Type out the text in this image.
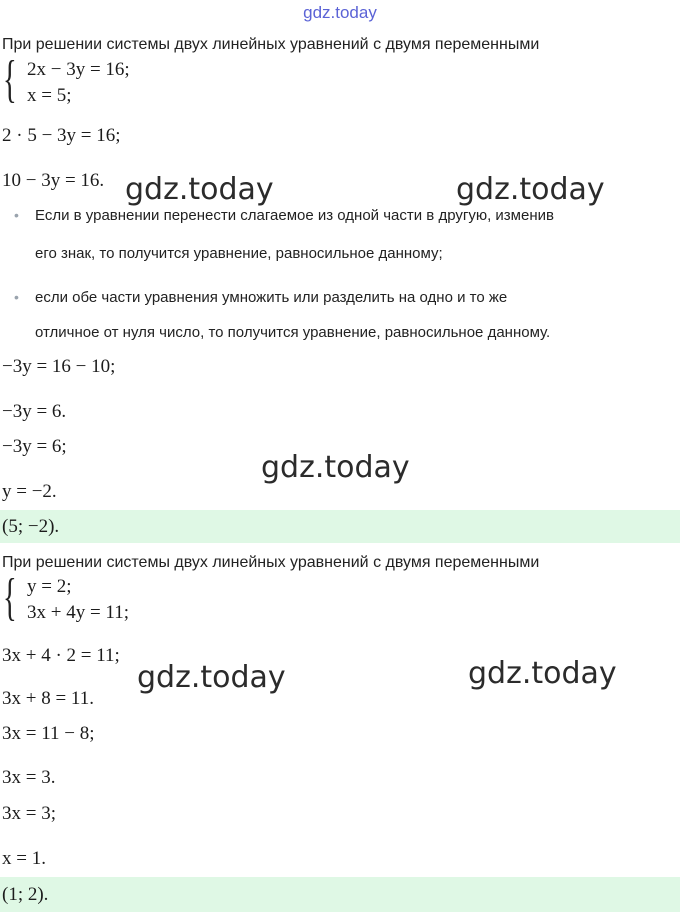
gdz.today
gdz.today	gdz.today
gdz.today
gdz.today	gdz.today
При решении системы двух линейных уравнений с двумя переменными
{ 2x − 3y = 16;
x = 5;
2 · 5 − 3y = 16;
10 − 3y = 16.
• Если в уравнении перенести слагаемое из одной части в другую, изменив
его знак, то получится уравнение, равносильное данному;
• если обе части уравнения умножить или разделить на одно и то же
отличное от нуля число, то получится уравнение, равносильное данному.
−3y = 16 − 10;
−3y = 6.
−3y = 6;
y = −2.
(5; −2).
При решении системы двух линейных уравнений с двумя переменными
{ y = 2;
3x + 4y = 11;
3x + 4 · 2 = 11;
3x + 8 = 11.
3x = 11 − 8;
3x = 3.
3x = 3;
x = 1.
(1; 2).
